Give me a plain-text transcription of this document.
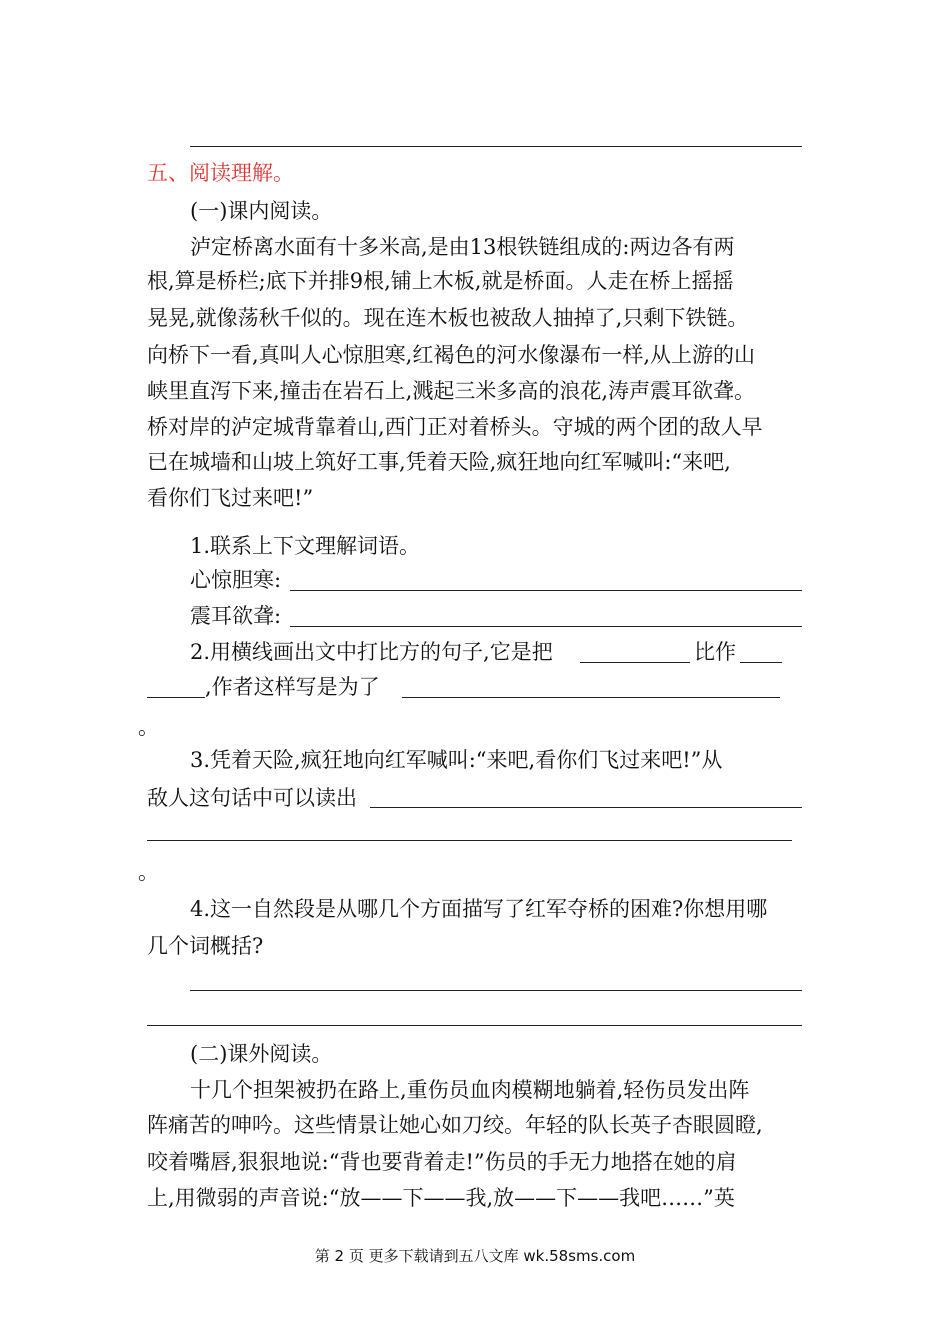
五、阅读理解。
(一)课内阅读。
泸定桥离水面有十多米高,是由13根铁链组成的:两边各有两
根,算是桥栏;底下并排9根,铺上木板,就是桥面。人走在桥上摇摇
晃晃,就像荡秋千似的。现在连木板也被敌人抽掉了,只剩下铁链。
向桥下一看,真叫人心惊胆寒,红褐色的河水像瀑布一样,从上游的山
峡里直泻下来,撞击在岩石上,溅起三米多高的浪花,涛声震耳欲聋。
桥对岸的泸定城背靠着山,西门正对着桥头。守城的两个团的敌人早
已在城墙和山坡上筑好工事,凭着天险,疯狂地向红军喊叫:“来吧,
看你们飞过来吧!”
1.联系上下文理解词语。
心惊胆寒:
震耳欲聋:
2.用横线画出文中打比方的句子,它是把	比作
,作者这样写是为了
。
3.凭着天险,疯狂地向红军喊叫:“来吧,看你们飞过来吧!”从
敌人这句话中可以读出
。
4.这一自然段是从哪几个方面描写了红军夺桥的困难?你想用哪
几个词概括?
(二)课外阅读。
十几个担架被扔在路上,重伤员血肉模糊地躺着,轻伤员发出阵
阵痛苦的呻吟。这些情景让她心如刀绞。年轻的队长英子杏眼圆瞪,
咬着嘴唇,狠狠地说:“背也要背着走!”伤员的手无力地搭在她的肩
上,用微弱的声音说:“放——下——我,放——下——我吧……”英
第 2 页 更多下载请到五八文库 wk.58sms.com
